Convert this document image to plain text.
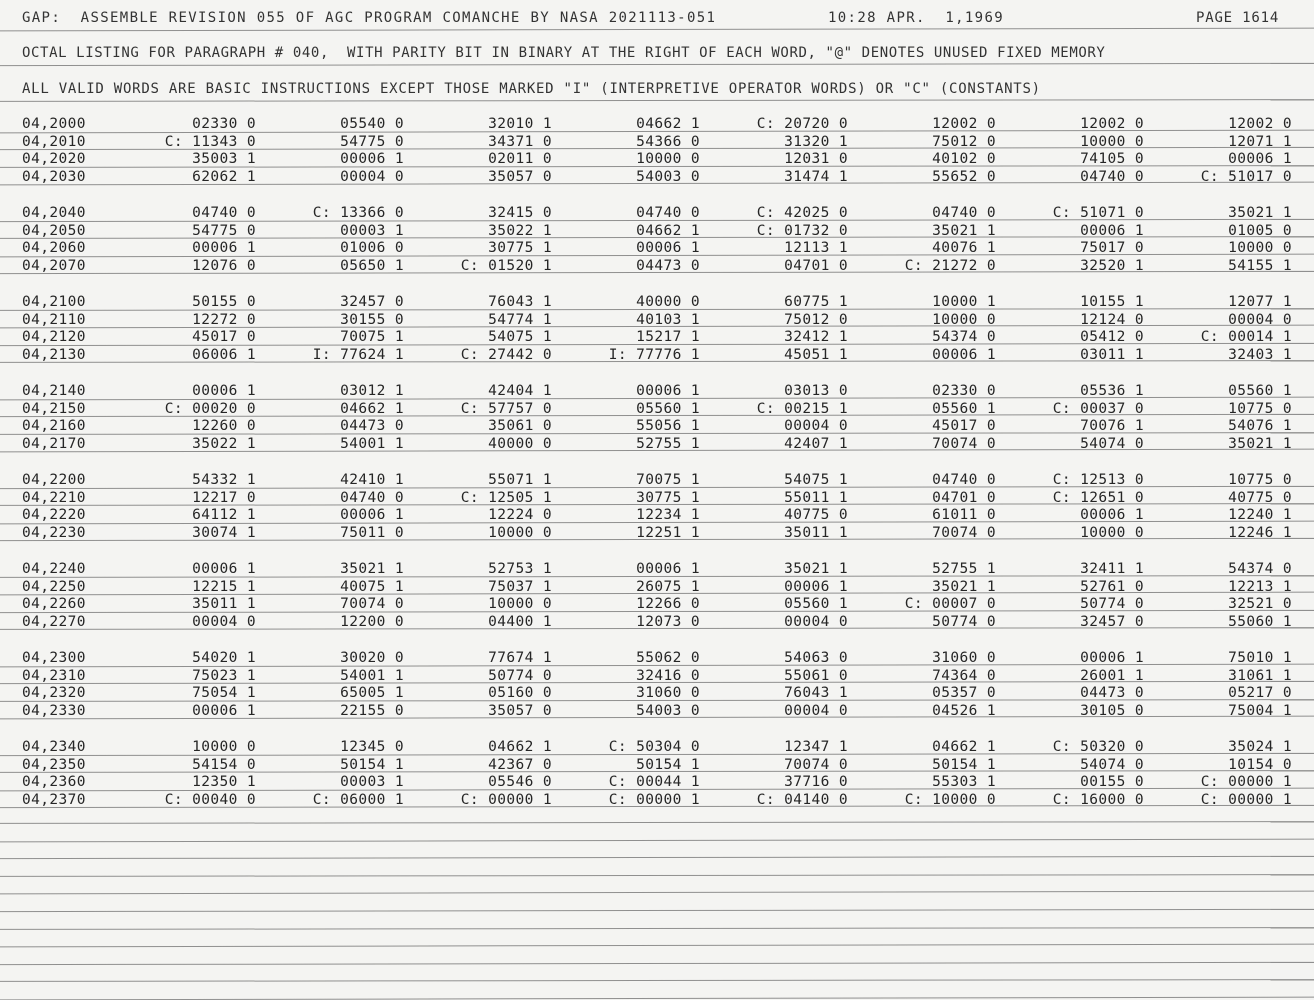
GAP:  ASSEMBLE REVISION 055 OF AGC PROGRAM COMANCHE BY NASA 2021113-051	10:28 APR.  1,1969	PAGE 1614
OCTAL LISTING FOR PARAGRAPH # 040,  WITH PARITY BIT IN BINARY AT THE RIGHT OF EACH WORD, "@" DENOTES UNUSED FIXED MEMORY
ALL VALID WORDS ARE BASIC INSTRUCTIONS EXCEPT THOSE MARKED "I" (INTERPRETIVE OPERATOR WORDS) OR "C" (CONSTANTS)
04,2000	02330 0	05540 0	32010 1	04662 1	C: 20720 0	12002 0	12002 0	12002 0
04,2010	C: 11343 0	54775 0	34371 0	54366 0	31320 1	75012 0	10000 0	12071 1
04,2020	35003 1	00006 1	02011 0	10000 0	12031 0	40102 0	74105 0	00006 1
04,2030	62062 1	00004 0	35057 0	54003 0	31474 1	55652 0	04740 0	C: 51017 0
04,2040	04740 0	C: 13366 0	32415 0	04740 0	C: 42025 0	04740 0	C: 51071 0	35021 1
04,2050	54775 0	00003 1	35022 1	04662 1	C: 01732 0	35021 1	00006 1	01005 0
04,2060	00006 1	01006 0	30775 1	00006 1	12113 1	40076 1	75017 0	10000 0
04,2070	12076 0	05650 1	C: 01520 1	04473 0	04701 0	C: 21272 0	32520 1	54155 1
04,2100	50155 0	32457 0	76043 1	40000 0	60775 1	10000 1	10155 1	12077 1
04,2110	12272 0	30155 0	54774 1	40103 1	75012 0	10000 0	12124 0	00004 0
04,2120	45017 0	70075 1	54075 1	15217 1	32412 1	54374 0	05412 0	C: 00014 1
04,2130	06006 1	I: 77624 1	C: 27442 0	I: 77776 1	45051 1	00006 1	03011 1	32403 1
04,2140	00006 1	03012 1	42404 1	00006 1	03013 0	02330 0	05536 1	05560 1
04,2150	C: 00020 0	04662 1	C: 57757 0	05560 1	C: 00215 1	05560 1	C: 00037 0	10775 0
04,2160	12260 0	04473 0	35061 0	55056 1	00004 0	45017 0	70076 1	54076 1
04,2170	35022 1	54001 1	40000 0	52755 1	42407 1	70074 0	54074 0	35021 1
04,2200	54332 1	42410 1	55071 1	70075 1	54075 1	04740 0	C: 12513 0	10775 0
04,2210	12217 0	04740 0	C: 12505 1	30775 1	55011 1	04701 0	C: 12651 0	40775 0
04,2220	64112 1	00006 1	12224 0	12234 1	40775 0	61011 0	00006 1	12240 1
04,2230	30074 1	75011 0	10000 0	12251 1	35011 1	70074 0	10000 0	12246 1
04,2240	00006 1	35021 1	52753 1	00006 1	35021 1	52755 1	32411 1	54374 0
04,2250	12215 1	40075 1	75037 1	26075 1	00006 1	35021 1	52761 0	12213 1
04,2260	35011 1	70074 0	10000 0	12266 0	05560 1	C: 00007 0	50774 0	32521 0
04,2270	00004 0	12200 0	04400 1	12073 0	00004 0	50774 0	32457 0	55060 1
04,2300	54020 1	30020 0	77674 1	55062 0	54063 0	31060 0	00006 1	75010 1
04,2310	75023 1	54001 1	50774 0	32416 0	55061 0	74364 0	26001 1	31061 1
04,2320	75054 1	65005 1	05160 0	31060 0	76043 1	05357 0	04473 0	05217 0
04,2330	00006 1	22155 0	35057 0	54003 0	00004 0	04526 1	30105 0	75004 1
04,2340	10000 0	12345 0	04662 1	C: 50304 0	12347 1	04662 1	C: 50320 0	35024 1
04,2350	54154 0	50154 1	42367 0	50154 1	70074 0	50154 1	54074 0	10154 0
04,2360	12350 1	00003 1	05546 0	C: 00044 1	37716 0	55303 1	00155 0	C: 00000 1
04,2370	C: 00040 0	C: 06000 1	C: 00000 1	C: 00000 1	C: 04140 0	C: 10000 0	C: 16000 0	C: 00000 1
